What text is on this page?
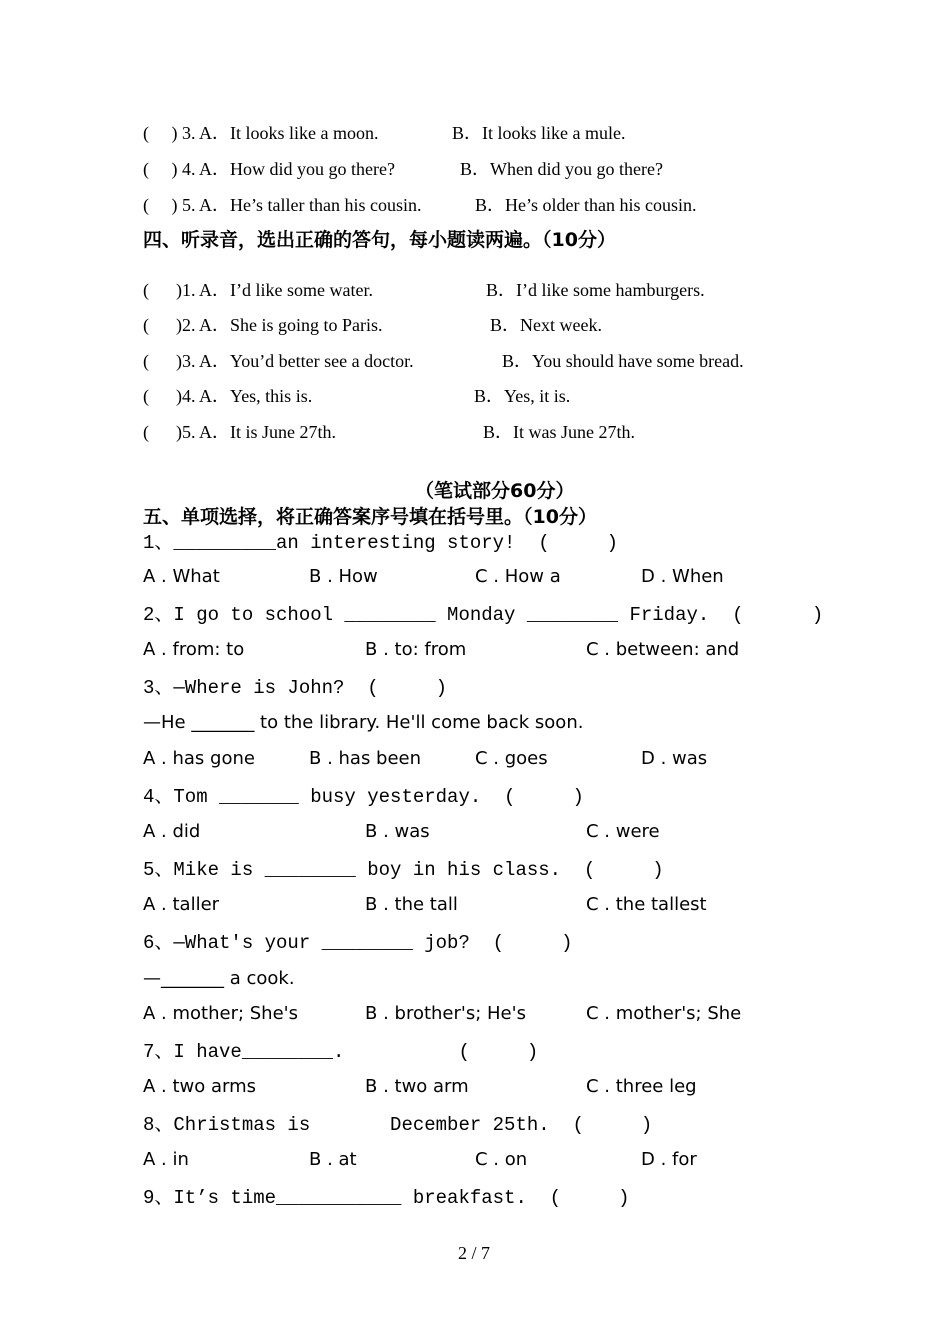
(     ) 3. A．It looks like a moon.	B．It looks like a mule.
(     ) 4. A．How did you go there?	B．When did you go there?
(     ) 5. A．He’s taller than his cousin.	B．He’s older than his cousin.
四、听录音，选出正确的答句，每小题读两遍。（10分）
(      )1. A．I’d like some water.	B．I’d like some hamburgers.
(      )2. A．She is going to Paris.	B．Next week.
(      )3. A．You’d better see a doctor.	B．You should have some bread.
(      )4. A．Yes, this is.	B．Yes, it is.
(      )5. A．It is June 27th.	B．It was June 27th.
（笔试部分60分）
五、单项选择，将正确答案序号填在括号里。（10分）
1、_________an interesting story!  (     )
A . What	B . How	C . How a	D . When
2、I go to school ________ Monday ________ Friday.  (      )
A . from: to	B . to: from	C . between: and
3、—Where is John?  (     )
—He _______ to the library. He'll come back soon.
A . has gone	B . has been	C . goes	D . was
4、Tom _______ busy yesterday.  (     )
A . did	B . was	C . were
5、Mike is ________ boy in his class.  (     )
A . taller	B . the tall	C . the tallest
6、—What's your ________ job?  (     )
—_______ a cook.
A . mother; She's	B . brother's; He's	C . mother's; She
7、I have________.          (     )
A . two arms	B . two arm	C . three leg
8、Christmas is       December 25th.  (     )
A . in	B . at	C . on	D . for
9、It’s time___________ breakfast.  (     )
2 / 7
